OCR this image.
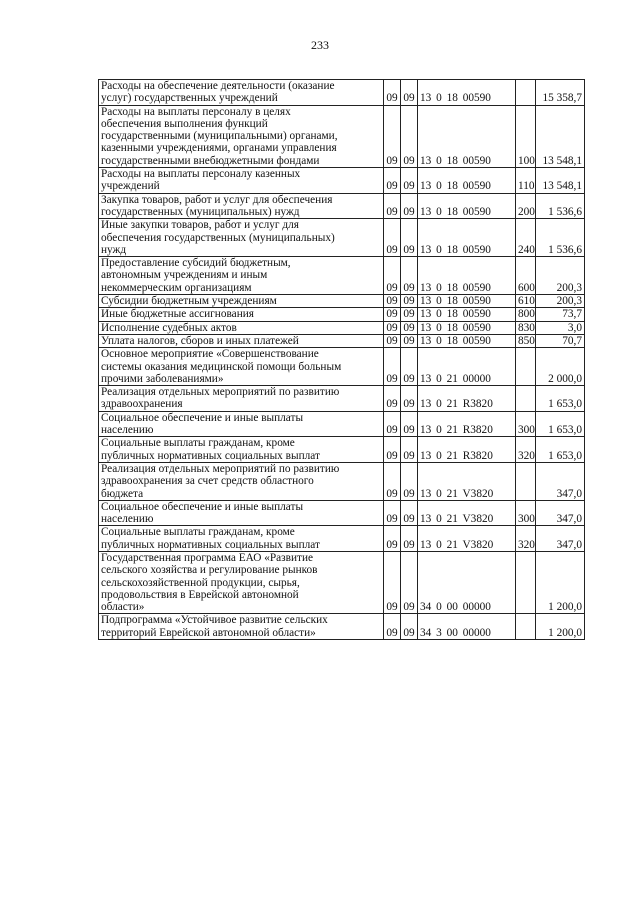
233
Расходы на обеспечение деятельности (оказание
услуг) государственных учреждений	09	09	13 0 18 00590		15 358,7
Расходы на выплаты персоналу в целях
обеспечения выполнения функций
государственными (муниципальными) органами,
казенными учреждениями, органами управления
государственными внебюджетными фондами	09	09	13 0 18 00590	100	13 548,1
Расходы на выплаты персоналу казенных
учреждений	09	09	13 0 18 00590	110	13 548,1
Закупка товаров, работ и услуг для обеспечения
государственных (муниципальных) нужд	09	09	13 0 18 00590	200	1 536,6
Иные закупки товаров, работ и услуг для
обеспечения государственных (муниципальных)
нужд	09	09	13 0 18 00590	240	1 536,6
Предоставление субсидий бюджетным,
автономным учреждениям и иным
некоммерческим организациям	09	09	13 0 18 00590	600	200,3
Субсидии бюджетным учреждениям	09	09	13 0 18 00590	610	200,3
Иные бюджетные ассигнования	09	09	13 0 18 00590	800	73,7
Исполнение судебных актов	09	09	13 0 18 00590	830	3,0
Уплата налогов, сборов и иных платежей	09	09	13 0 18 00590	850	70,7
Основное мероприятие «Совершенствование
системы оказания медицинской помощи больным
прочими заболеваниями»	09	09	13 0 21 00000		2 000,0
Реализация отдельных мероприятий по развитию
здравоохранения	09	09	13 0 21 R3820		1 653,0
Социальное обеспечение и иные выплаты
населению	09	09	13 0 21 R3820	300	1 653,0
Социальные выплаты гражданам, кроме
публичных нормативных социальных выплат	09	09	13 0 21 R3820	320	1 653,0
Реализация отдельных мероприятий по развитию
здравоохранения за счет средств областного
бюджета	09	09	13 0 21 V3820		347,0
Социальное обеспечение и иные выплаты
населению	09	09	13 0 21 V3820	300	347,0
Социальные выплаты гражданам, кроме
публичных нормативных социальных выплат	09	09	13 0 21 V3820	320	347,0
Государственная программа ЕАО «Развитие
сельского хозяйства и регулирование рынков
сельскохозяйственной продукции, сырья,
продовольствия в Еврейской автономной
области»	09	09	34 0 00 00000		1 200,0
Подпрограмма «Устойчивое развитие сельских
территорий Еврейской автономной области»	09	09	34 3 00 00000		1 200,0
